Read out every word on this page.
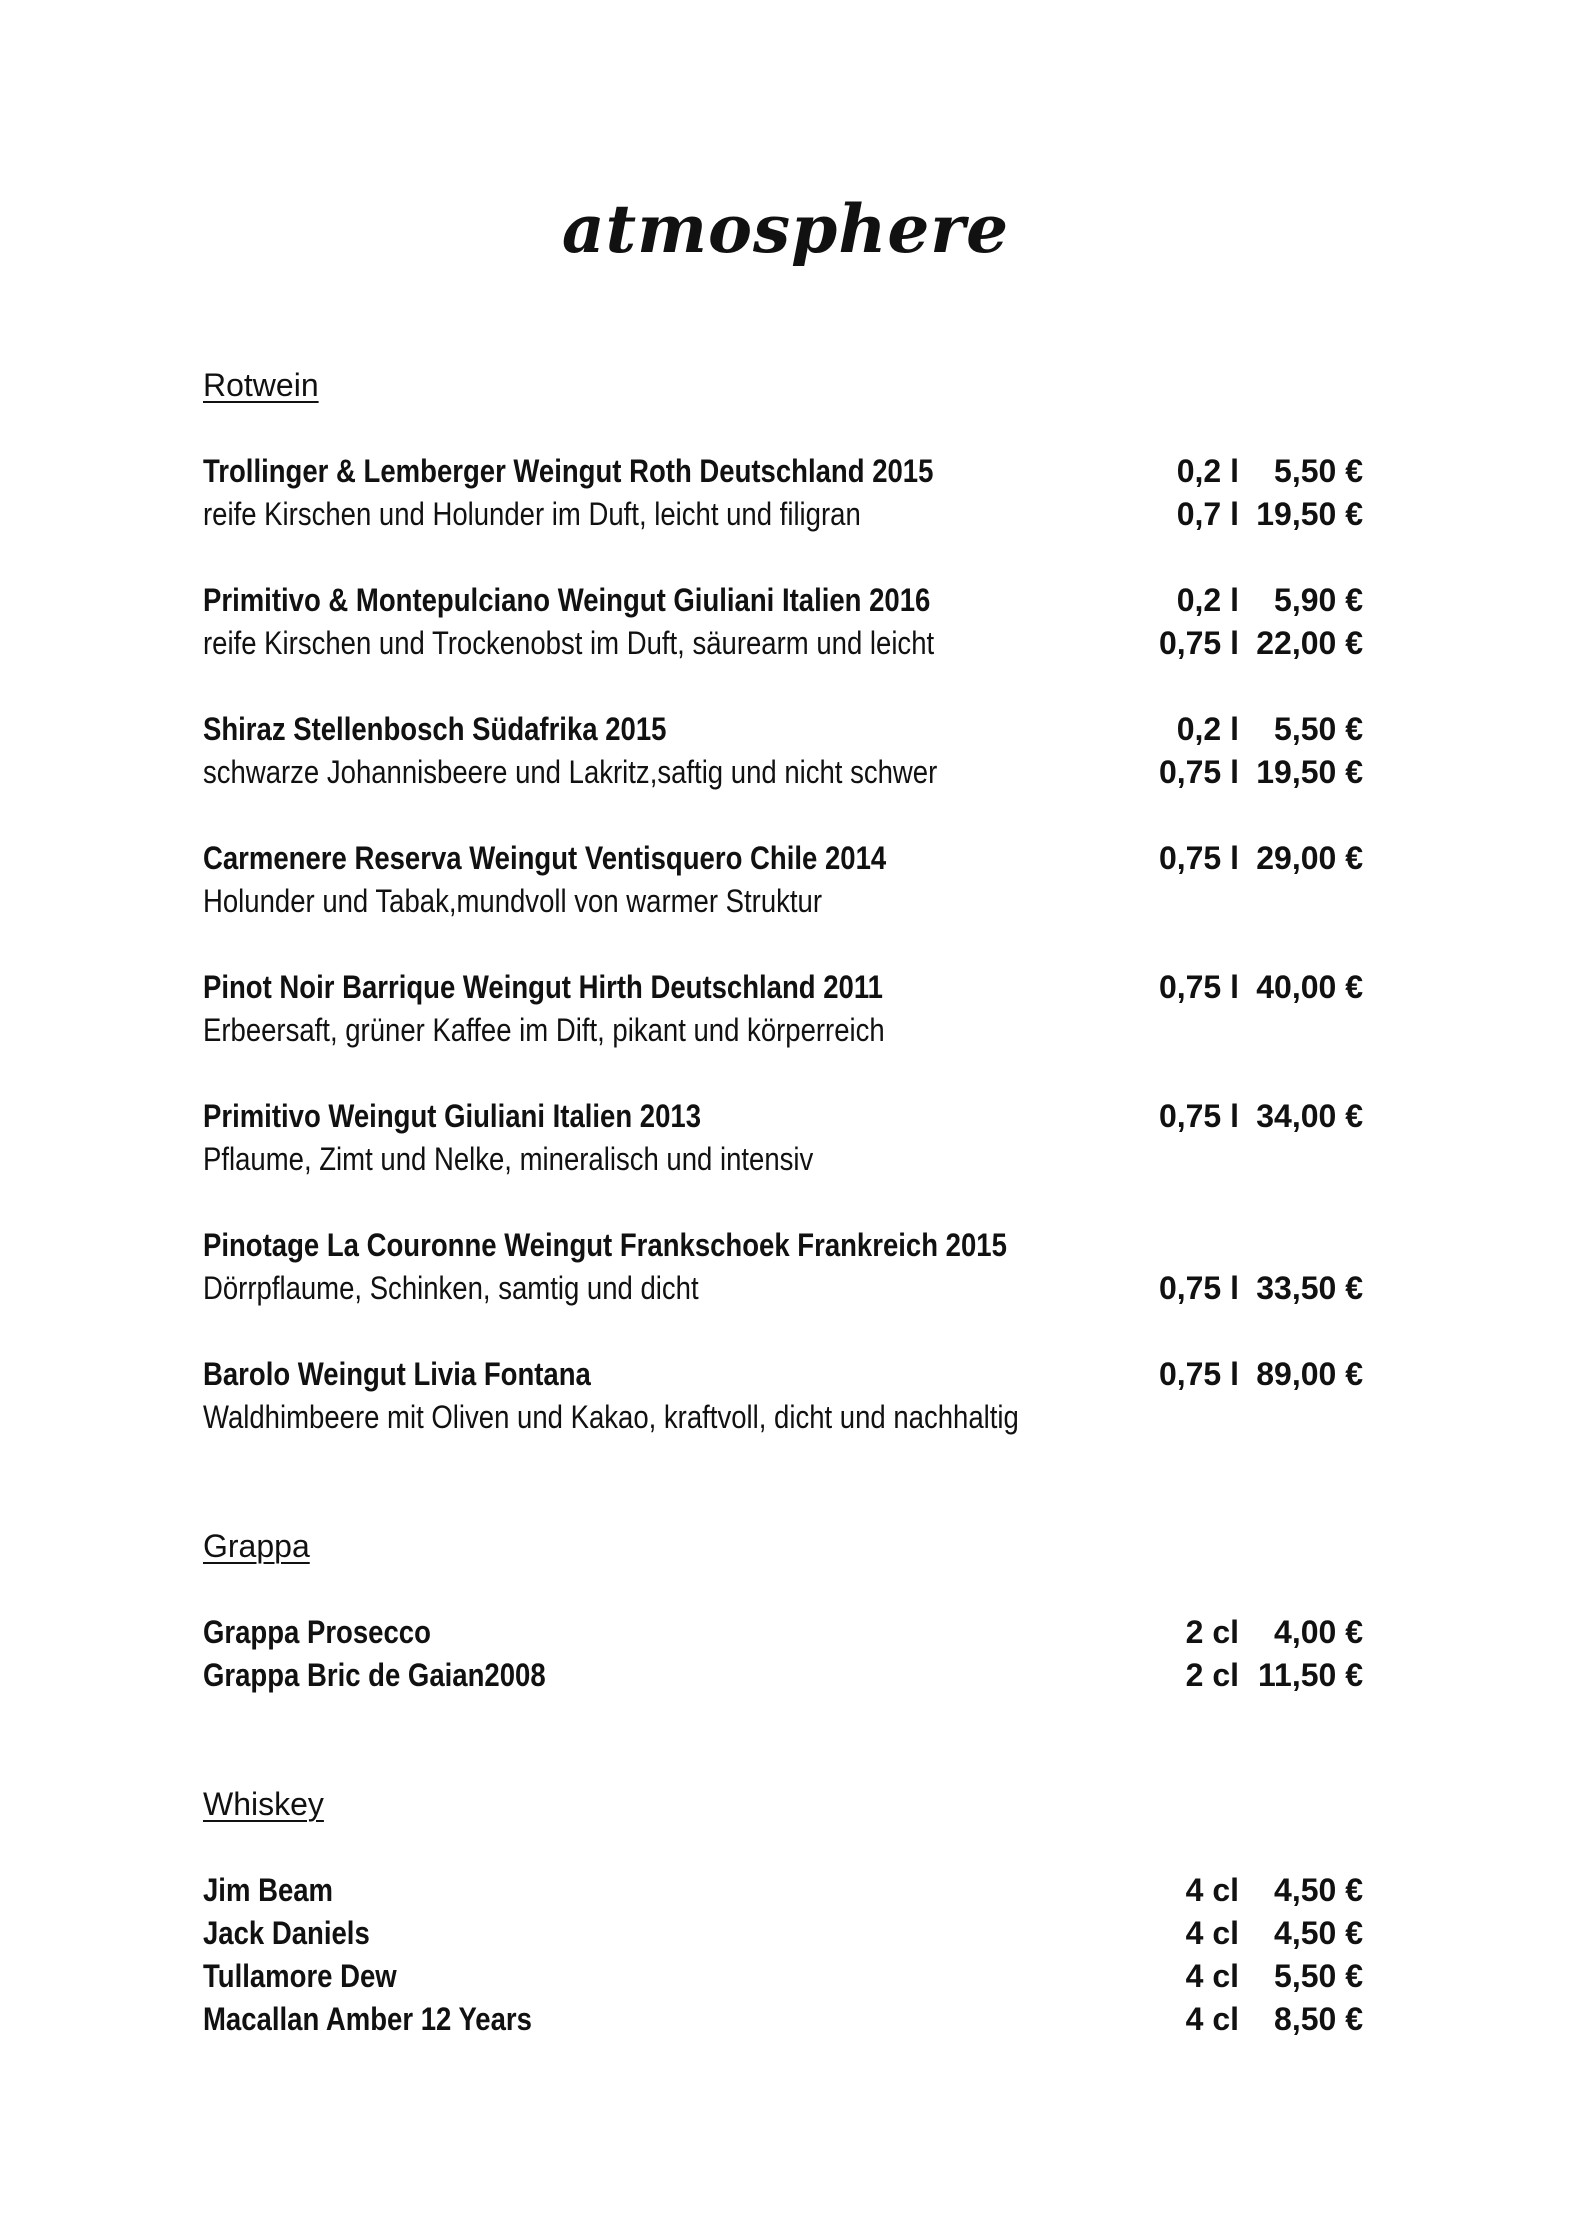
atmosphere
Rotwein
Trollinger & Lemberger Weingut Roth Deutschland 2015	0,2 l 5,50 €
reife Kirschen und Holunder im Duft, leicht und filigran	0,7 l 19,50 €
Primitivo & Montepulciano Weingut Giuliani Italien 2016	0,2 l 5,90 €
reife Kirschen und Trockenobst im Duft, säurearm und leicht	0,75 l 22,00 €
Shiraz Stellenbosch Südafrika 2015	0,2 l 5,50 €
schwarze Johannisbeere und Lakritz,saftig und nicht schwer	0,75 l 19,50 €
Carmenere Reserva Weingut Ventisquero Chile 2014	0,75 l 29,00 €
Holunder und Tabak,mundvoll von warmer Struktur
Pinot Noir Barrique Weingut Hirth Deutschland 2011	0,75 l 40,00 €
Erbeersaft, grüner Kaffee im Dift, pikant und körperreich
Primitivo Weingut Giuliani Italien 2013	0,75 l 34,00 €
Pflaume, Zimt und Nelke, mineralisch und intensiv
Pinotage La Couronne Weingut Frankschoek Frankreich 2015
Dörrpflaume, Schinken, samtig und dicht	0,75 l 33,50 €
Barolo Weingut Livia Fontana	0,75 l 89,00 €
Waldhimbeere mit Oliven und Kakao, kraftvoll, dicht und nachhaltig
Grappa
Grappa Prosecco	2 cl 4,00 €
Grappa Bric de Gaian2008	2 cl 11,50 €
Whiskey
Jim Beam	4 cl 4,50 €
Jack Daniels	4 cl 4,50 €
Tullamore Dew	4 cl 5,50 €
Macallan Amber 12 Years	4 cl 8,50 €
